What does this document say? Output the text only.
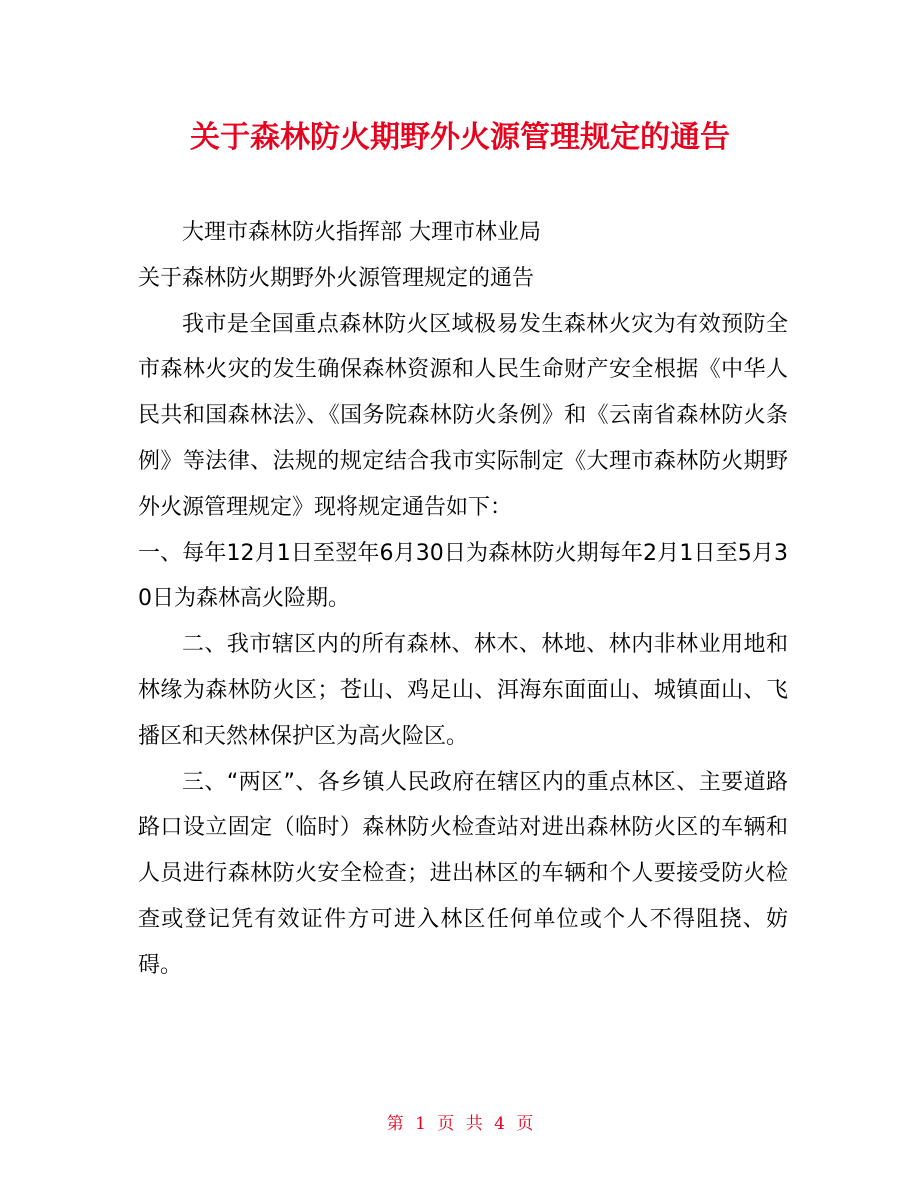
关于森林防火期野外火源管理规定的通告

大理市森林防火指挥部 大理市林业局

关于森林防火期野外火源管理规定的通告

我市是全国重点森林防火区域极易发生森林火灾为有效预防全市森林火灾的发生确保森林资源和人民生命财产安全根据《中华人民共和国森林法》、《国务院森林防火条例》和《云南省森林防火条例》等法律、法规的规定结合我市实际制定《大理市森林防火期野外火源管理规定》现将规定通告如下：

一、每年12月1日至翌年6月30日为森林防火期每年2月1日至5月30日为森林高火险期。

二、我市辖区内的所有森林、林木、林地、林内非林业用地和林缘为森林防火区；苍山、鸡足山、洱海东面面山、城镇面山、飞播区和天然林保护区为高火险区。

三、“两区”、各乡镇人民政府在辖区内的重点林区、主要道路路口设立固定（临时）森林防火检查站对进出森林防火区的车辆和人员进行森林防火安全检查；进出林区的车辆和个人要接受防火检查或登记凭有效证件方可进入林区任何单位或个人不得阻挠、妨碍。

第 1 页 共 4 页
